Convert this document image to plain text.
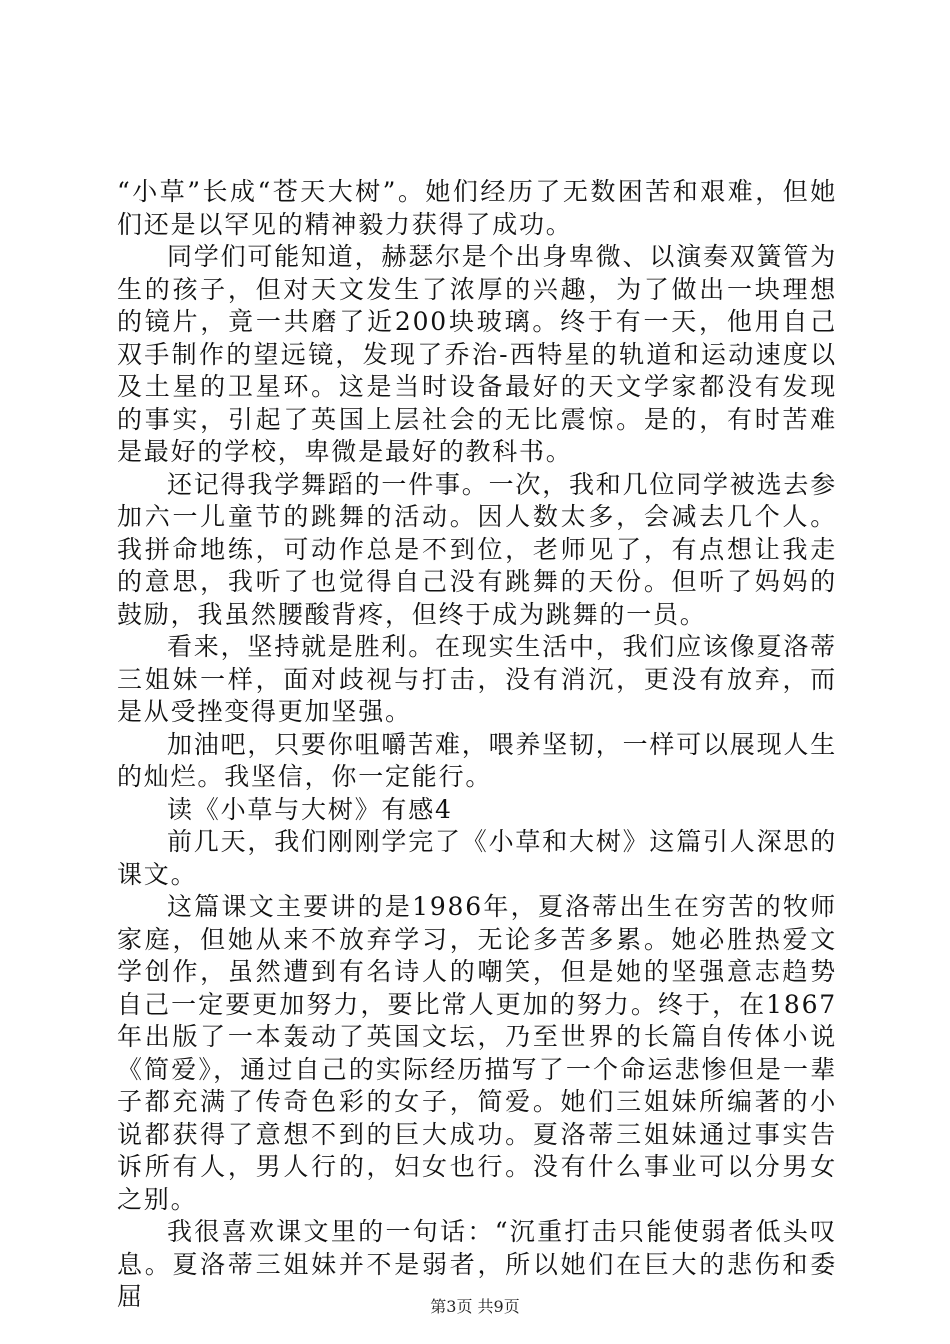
“小草”长成“苍天大树”。她们经历了无数困苦和艰难，但她们还是以罕见的精神毅力获得了成功。

同学们可能知道，赫瑟尔是个出身卑微、以演奏双簧管为生的孩子，但对天文发生了浓厚的兴趣，为了做出一块理想的镜片，竟一共磨了近200块玻璃。终于有一天，他用自己双手制作的望远镜，发现了乔治-西特星的轨道和运动速度以及土星的卫星环。这是当时设备最好的天文学家都没有发现的事实，引起了英国上层社会的无比震惊。是的，有时苦难是最好的学校，卑微是最好的教科书。

还记得我学舞蹈的一件事。一次，我和几位同学被选去参加六一儿童节的跳舞的活动。因人数太多，会减去几个人。我拼命地练，可动作总是不到位，老师见了，有点想让我走的意思，我听了也觉得自己没有跳舞的天份。但听了妈妈的鼓励，我虽然腰酸背疼，但终于成为跳舞的一员。

看来，坚持就是胜利。在现实生活中，我们应该像夏洛蒂三姐妹一样，面对歧视与打击，没有消沉，更没有放弃，而是从受挫变得更加坚强。

加油吧，只要你咀嚼苦难，喂养坚韧，一样可以展现人生的灿烂。我坚信，你一定能行。

读《小草与大树》有感4

前几天，我们刚刚学完了《小草和大树》这篇引人深思的课文。

这篇课文主要讲的是1986年，夏洛蒂出生在穷苦的牧师家庭，但她从来不放弃学习，无论多苦多累。她必胜热爱文学创作，虽然遭到有名诗人的嘲笑，但是她的坚强意志趋势自己一定要更加努力，要比常人更加的努力。终于，在1867年出版了一本轰动了英国文坛，乃至世界的长篇自传体小说《简爱》，通过自己的实际经历描写了一个命运悲惨但是一辈子都充满了传奇色彩的女子，简爱。她们三姐妹所编著的小说都获得了意想不到的巨大成功。夏洛蒂三姐妹通过事实告诉所有人，男人行的，妇女也行。没有什么事业可以分男女之别。

我很喜欢课文里的一句话：“沉重打击只能使弱者低头叹息。夏洛蒂三姐妹并不是弱者，所以她们在巨大的悲伤和委屈	第3页 共9页
